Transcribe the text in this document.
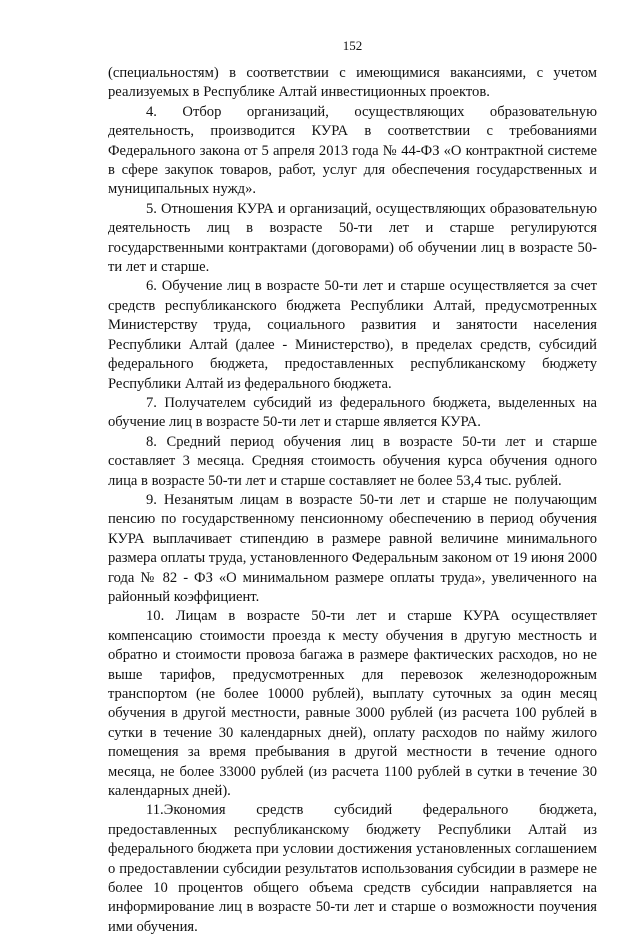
152

(специальностям) в соответствии с имеющимися вакансиями, с учетом реализуемых в Республике Алтай инвестиционных проектов.

4. Отбор организаций, осуществляющих образовательную деятельность, производится КУРА в соответствии с требованиями Федерального закона от 5 апреля 2013 года № 44-ФЗ «О контрактной системе в сфере закупок товаров, работ, услуг для обеспечения государственных и муниципальных нужд».

5. Отношения КУРА и организаций, осуществляющих образовательную деятельность лиц в возрасте 50-ти лет и старше регулируются государственными контрактами (договорами) об обучении лиц в возрасте 50-ти лет и старше.

6. Обучение лиц в возрасте 50-ти лет и старше осуществляется за счет средств республиканского бюджета Республики Алтай, предусмотренных Министерству труда, социального развития и занятости населения Республики Алтай (далее - Министерство), в пределах средств, субсидий федерального бюджета, предоставленных республиканскому бюджету Республики Алтай из федерального бюджета.

7. Получателем субсидий из федерального бюджета, выделенных на обучение лиц в возрасте 50-ти лет и старше является КУРА.

8. Средний период обучения лиц в возрасте 50-ти лет и старше составляет 3 месяца. Средняя стоимость обучения курса обучения одного лица в возрасте 50-ти лет и старше составляет не более 53,4 тыс. рублей.

9. Незанятым лицам в возрасте 50-ти лет и старше не получающим пенсию по государственному пенсионному обеспечению в период обучения КУРА выплачивает стипендию в размере равной величине минимального размера оплаты труда, установленного Федеральным законом от 19 июня 2000 года № 82 - ФЗ «О минимальном размере оплаты труда», увеличенного на районный коэффициент.

10. Лицам в возрасте 50-ти лет и старше КУРА осуществляет компенсацию стоимости проезда к месту обучения в другую местность и обратно и стоимости провоза багажа в размере фактических расходов, но не выше тарифов, предусмотренных для перевозок железнодорожным транспортом (не более 10000 рублей), выплату суточных за один месяц обучения в другой местности, равные 3000 рублей (из расчета 100 рублей в сутки в течение 30 календарных дней), оплату расходов по найму жилого помещения за время пребывания в другой местности в течение одного месяца, не более 33000 рублей (из расчета 1100 рублей в сутки в течение 30 календарных дней).

11.Экономия средств субсидий федерального бюджета, предоставленных республиканскому бюджету Республики Алтай из федерального бюджета при условии достижения установленных соглашением о предоставлении субсидии результатов использования субсидии в размере не более 10 процентов общего объема средств субсидии направляется на информирование лиц в возрасте 50-ти лет и старше о возможности поучения ими обучения.
